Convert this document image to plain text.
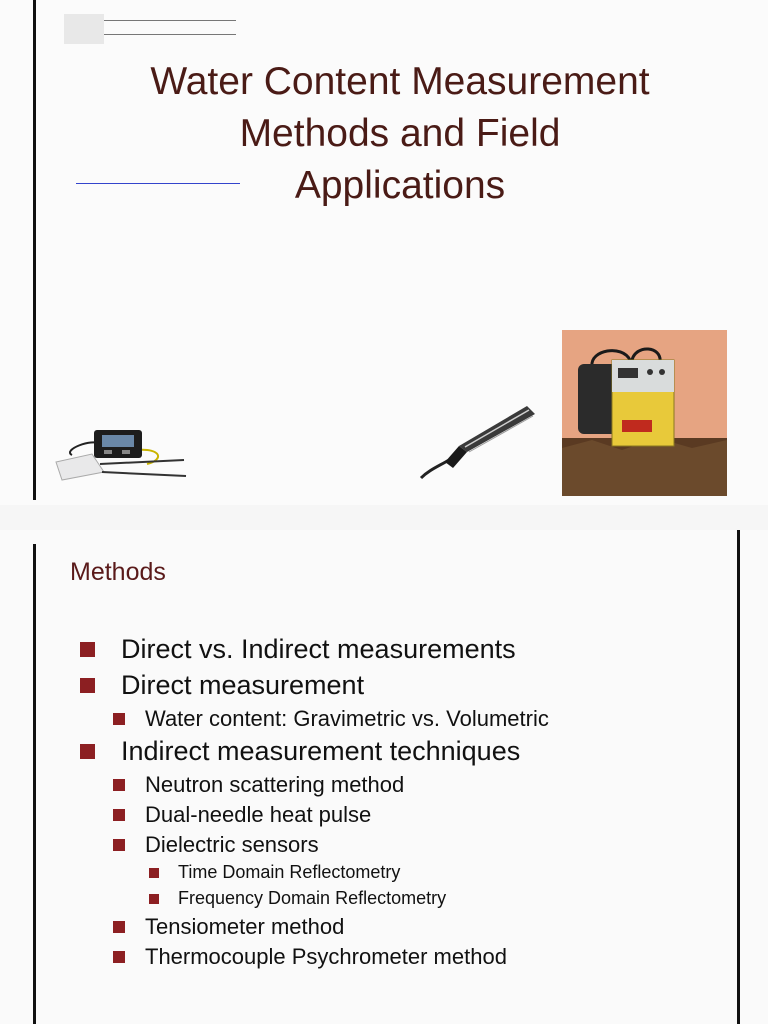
Water Content Measurement
Methods and Field
Applications
Methods
Direct vs. Indirect measurements
Direct measurement
Water content: Gravimetric vs. Volumetric
Indirect measurement techniques
Neutron scattering method
Dual-needle heat pulse
Dielectric sensors
Time Domain Reflectometry
Frequency Domain Reflectometry
Tensiometer method
Thermocouple Psychrometer method
